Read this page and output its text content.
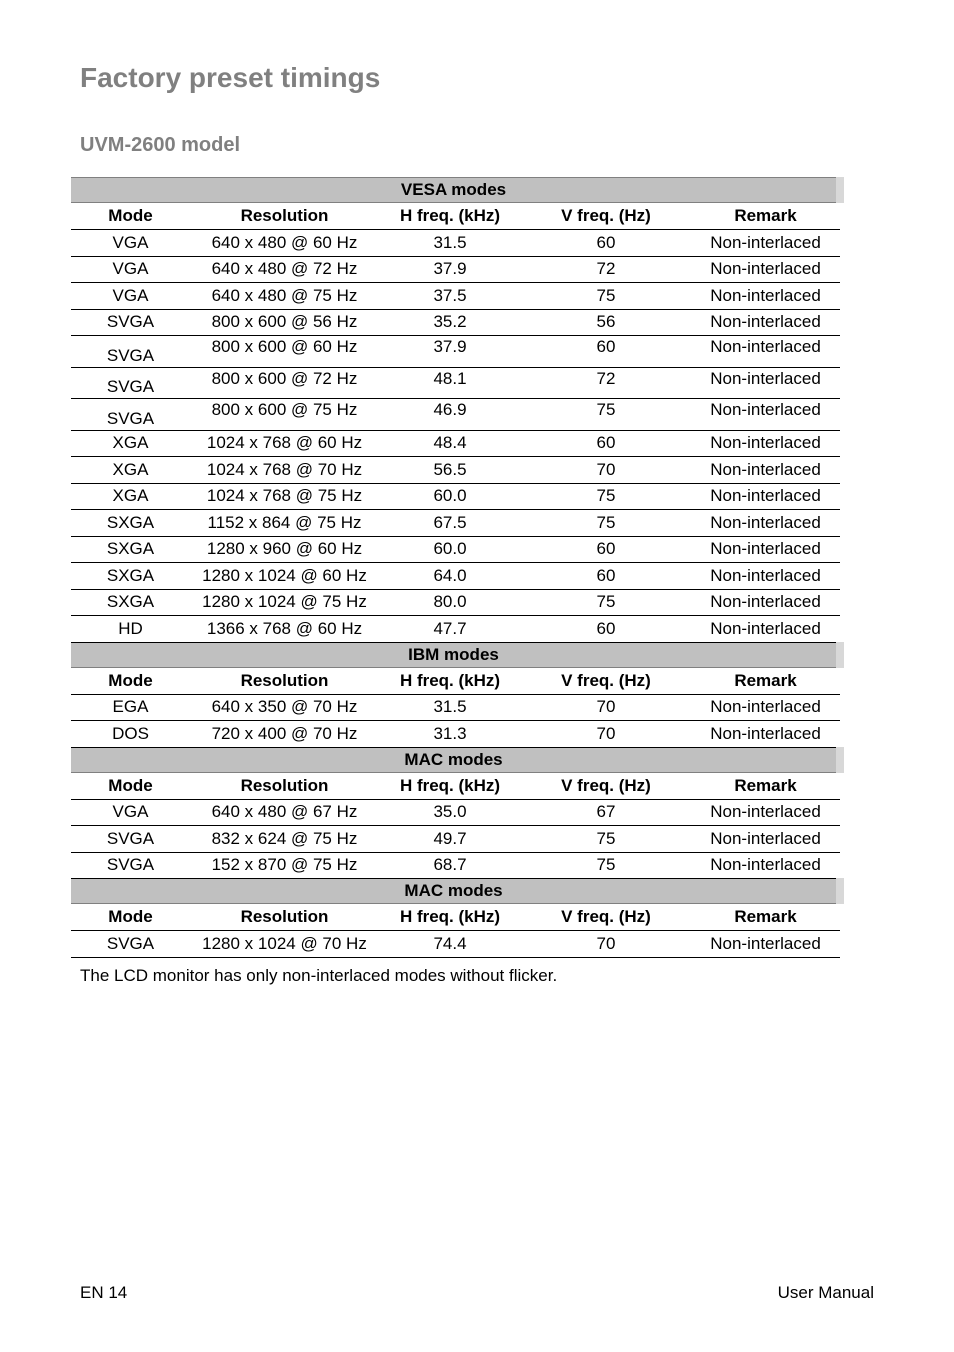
Factory preset timings
UVM-2600 model
VESA modes				
Mode	Resolution	H freq. (kHz)	V freq. (Hz)	Remark
VGA	640 x 480 @ 60 Hz	31.5	60	Non-interlaced
VGA	640 x 480 @ 72 Hz	37.9	72	Non-interlaced
VGA	640 x 480 @ 75 Hz	37.5	75	Non-interlaced
SVGA	800 x 600 @ 56 Hz	35.2	56	Non-interlaced
SVGA	800 x 600 @ 60 Hz	37.9	60	Non-interlaced
SVGA	800 x 600 @ 72 Hz	48.1	72	Non-interlaced
SVGA	800 x 600 @ 75 Hz	46.9	75	Non-interlaced
XGA	1024 x 768 @ 60 Hz	48.4	60	Non-interlaced
XGA	1024 x 768 @ 70 Hz	56.5	70	Non-interlaced
XGA	1024 x 768 @ 75 Hz	60.0	75	Non-interlaced
SXGA	1152 x 864 @ 75 Hz	67.5	75	Non-interlaced
SXGA	1280 x 960 @ 60 Hz	60.0	60	Non-interlaced
SXGA	1280 x 1024 @ 60 Hz	64.0	60	Non-interlaced
SXGA	1280 x 1024 @ 75 Hz	80.0	75	Non-interlaced
HD	1366 x 768 @ 60 Hz	47.7	60	Non-interlaced
IBM modes				
Mode	Resolution	H freq. (kHz)	V freq. (Hz)	Remark
EGA	640 x 350 @ 70 Hz	31.5	70	Non-interlaced
DOS	720 x 400 @ 70 Hz	31.3	70	Non-interlaced
MAC modes				
Mode	Resolution	H freq. (kHz)	V freq. (Hz)	Remark
VGA	640 x 480 @ 67 Hz	35.0	67	Non-interlaced
SVGA	832 x 624 @ 75 Hz	49.7	75	Non-interlaced
SVGA	152 x 870 @ 75 Hz	68.7	75	Non-interlaced
MAC modes				
Mode	Resolution	H freq. (kHz)	V freq. (Hz)	Remark
SVGA	1280 x 1024 @ 70 Hz	74.4	70	Non-interlaced

The LCD monitor has only non-interlaced modes without flicker.

EN 14	User Manual
